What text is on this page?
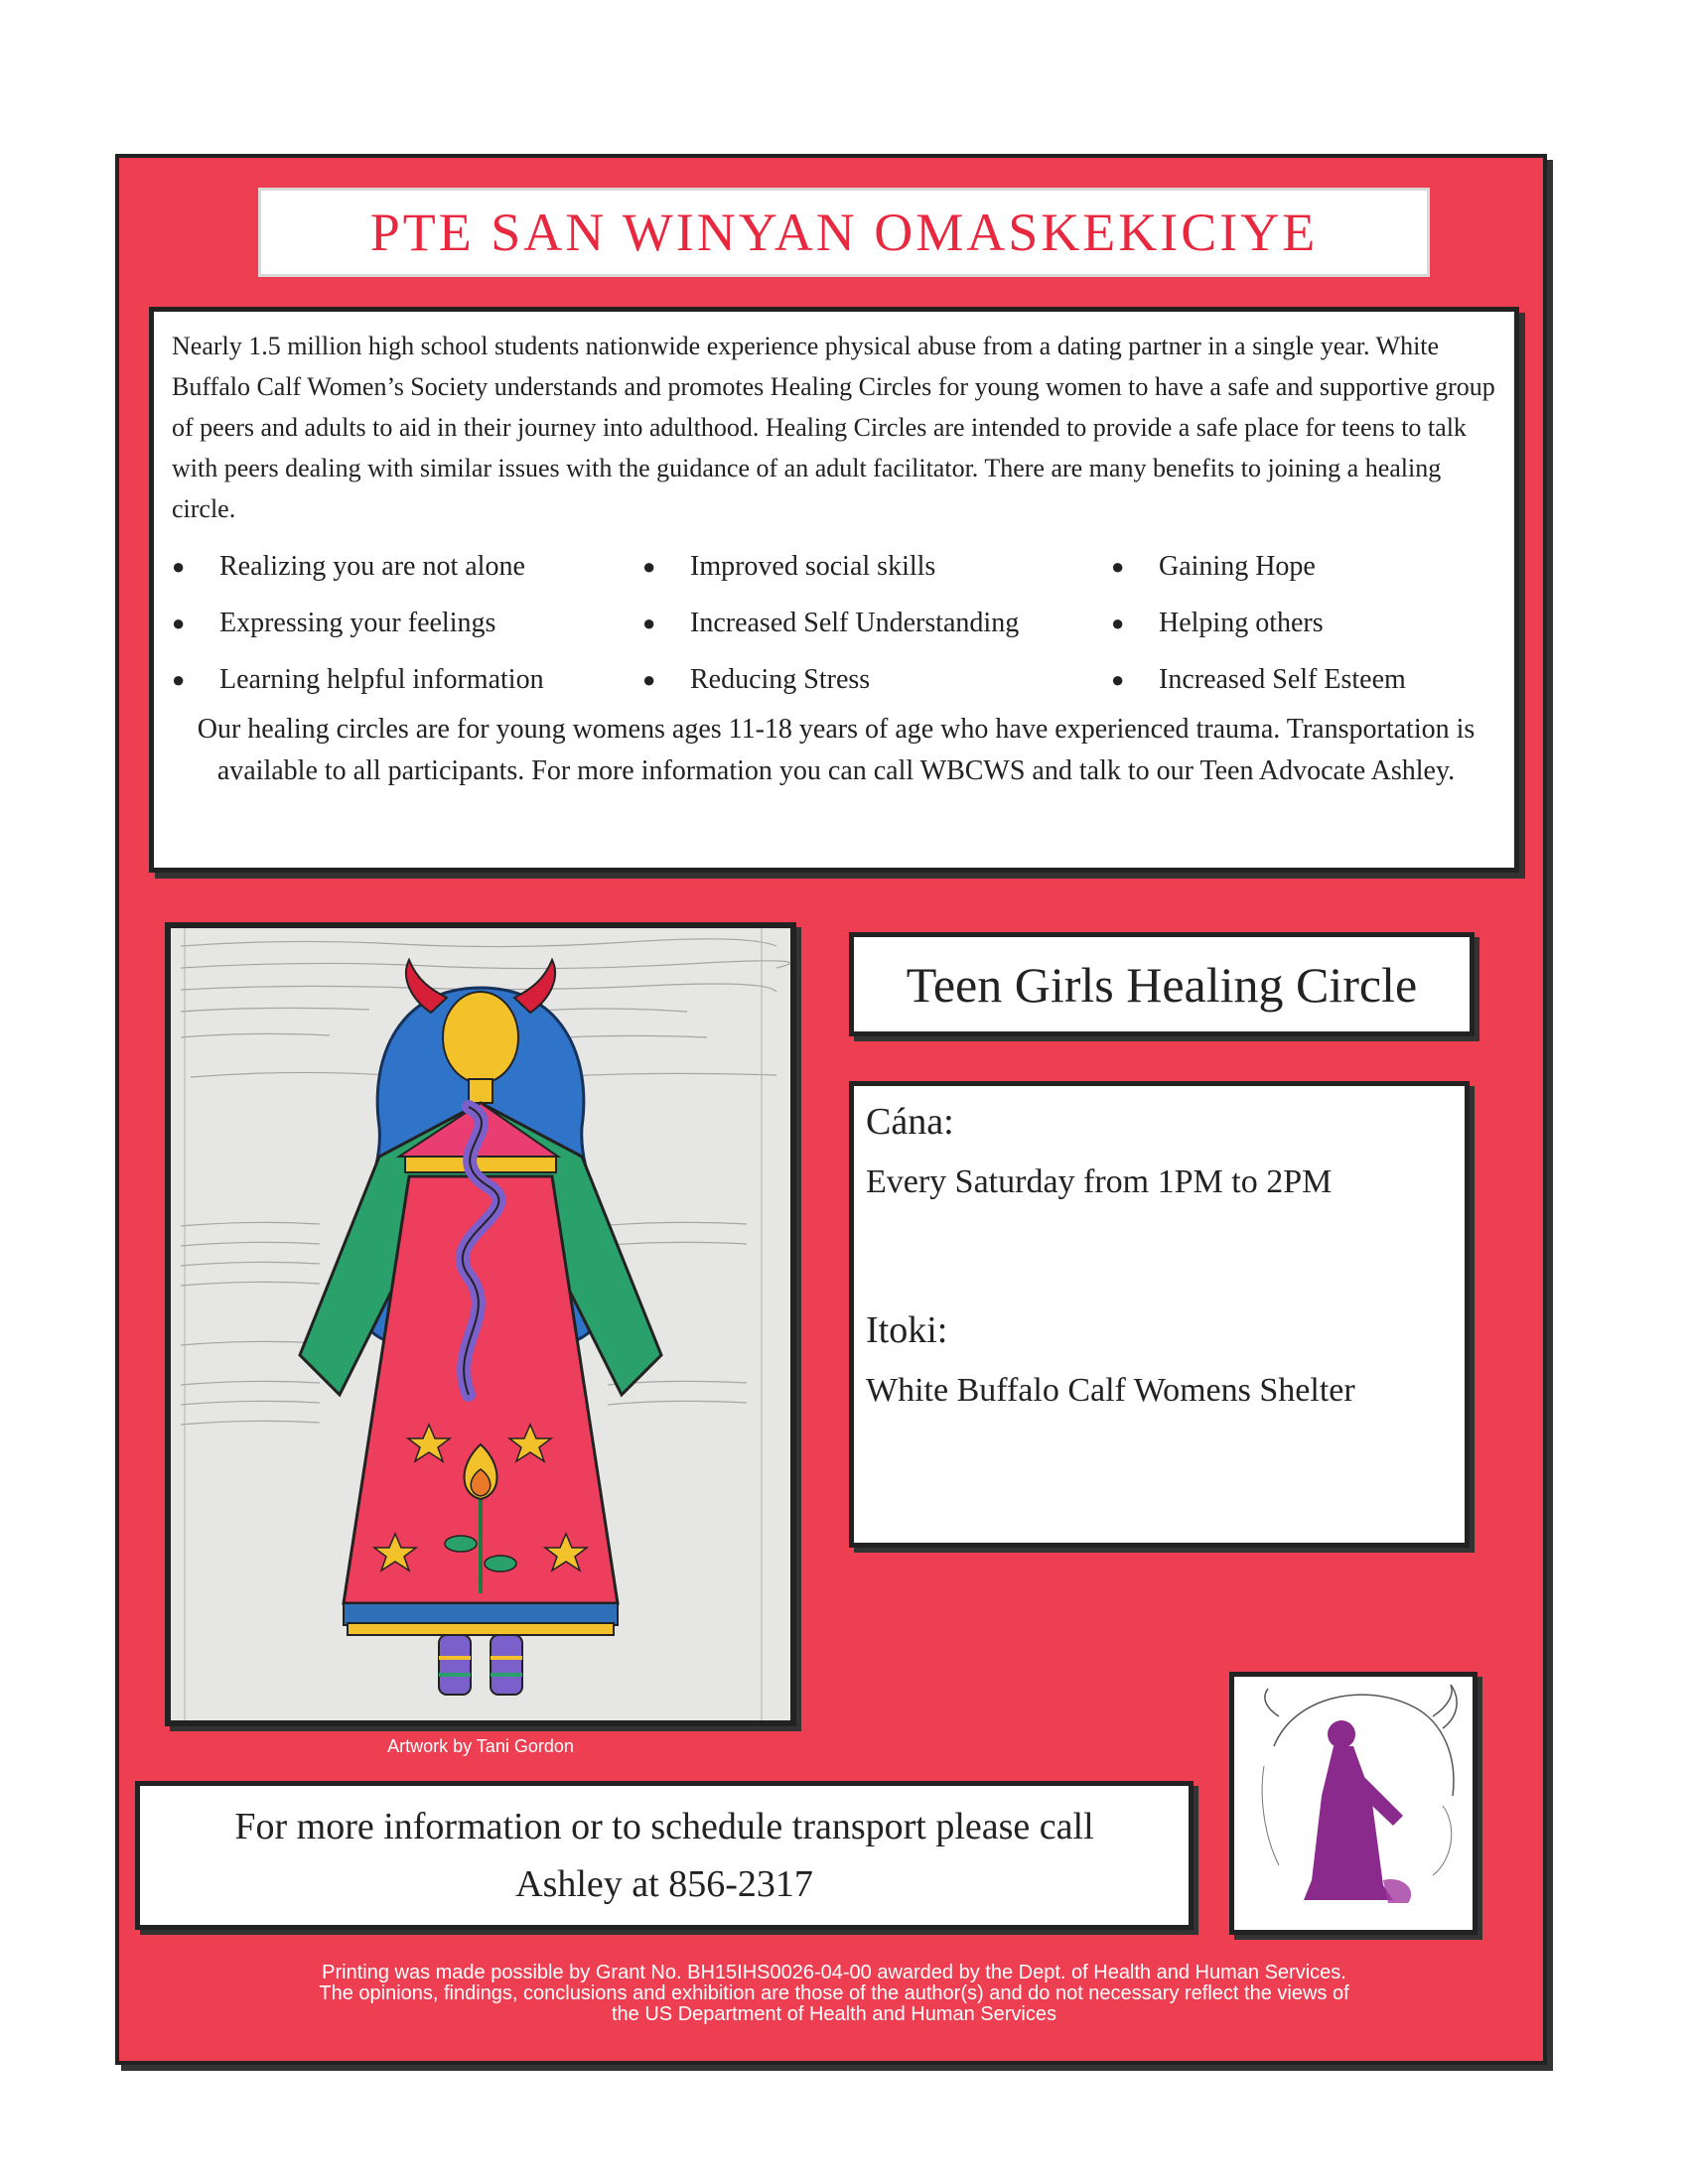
PTE SAN WINYAN OMASKEKICIYE

Nearly 1.5 million high school students nationwide experience physical abuse from a dating partner in a single year. White Buffalo Calf Women’s Society understands and promotes Healing Circles for young women to have a safe and supportive group of peers and adults to aid in their journey into adulthood. Healing Circles are intended to provide a safe place for teens to talk with peers dealing with similar issues with the guidance of an adult facilitator. There are many benefits to joining a healing circle.

●	Realizing you are not alone	●	Improved social skills	●	Gaining Hope
●	Expressing your feelings	●	Increased Self Understanding	●	Helping others
●	Learning helpful information	●	Reducing Stress	●	Increased Self Esteem

Our healing circles are for young womens ages 11-18 years of age who have experienced trauma. Transportation is available to all participants. For more information you can call WBCWS and talk to our Teen Advocate Ashley.

Artwork by Tani Gordon
Teen Girls Healing Circle

Cána:

Every Saturday from 1PM to 2PM

Itoki:

White Buffalo Calf Womens Shelter

For more information or to schedule transport please call
Ashley at 856-2317
Printing was made possible by Grant No. BH15IHS0026-04-00 awarded by the Dept. of Health and Human Services.
The opinions, findings, conclusions and exhibition are those of the author(s) and do not necessary reflect the views of
the US Department of Health and Human Services
